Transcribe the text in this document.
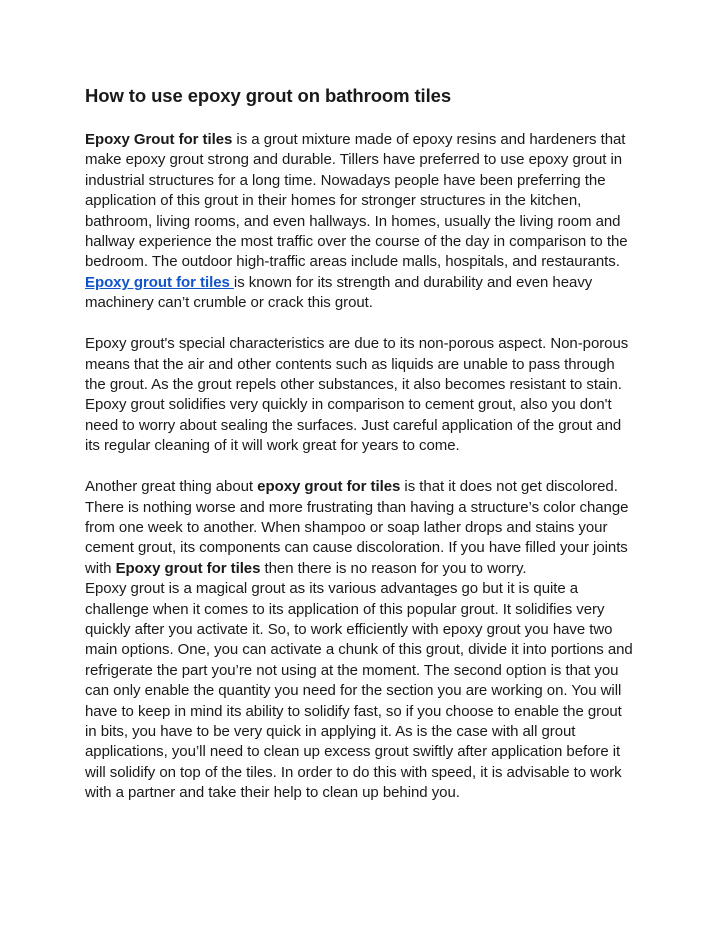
How to use epoxy grout on bathroom tiles

Epoxy Grout for tiles is a grout mixture made of epoxy resins and hardeners that make epoxy grout strong and durable. Tillers have preferred to use epoxy grout in industrial structures for a long time. Nowadays people have been preferring the application of this grout in their homes for stronger structures in the kitchen, bathroom, living rooms, and even hallways. In homes, usually the living room and hallway experience the most traffic over the course of the day in comparison to the bedroom. The outdoor high-traffic areas include malls, hospitals, and restaurants. Epoxy grout for tiles is known for its strength and durability and even heavy machinery can’t crumble or crack this grout.

Epoxy grout's special characteristics are due to its non-porous aspect. Non-porous means that the air and other contents such as liquids are unable to pass through the grout. As the grout repels other substances, it also becomes resistant to stain. Epoxy grout solidifies very quickly in comparison to cement grout, also you don't need to worry about sealing the surfaces. Just careful application of the grout and its regular cleaning of it will work great for years to come.

Another great thing about epoxy grout for tiles is that it does not get discolored. There is nothing worse and more frustrating than having a structure’s color change from one week to another. When shampoo or soap lather drops and stains your cement grout, its components can cause discoloration. If you have filled your joints with Epoxy grout for tiles then there is no reason for you to worry.

Epoxy grout is a magical grout as its various advantages go but it is quite a challenge when it comes to its application of this popular grout. It solidifies very quickly after you activate it. So, to work efficiently with epoxy grout you have two main options. One, you can activate a chunk of this grout, divide it into portions and refrigerate the part you’re not using at the moment. The second option is that you can only enable the quantity you need for the section you are working on. You will have to keep in mind its ability to solidify fast, so if you choose to enable the grout in bits, you have to be very quick in applying it. As is the case with all grout applications, you’ll need to clean up excess grout swiftly after application before it will solidify on top of the tiles. In order to do this with speed, it is advisable to work with a partner and take their help to clean up behind you.
